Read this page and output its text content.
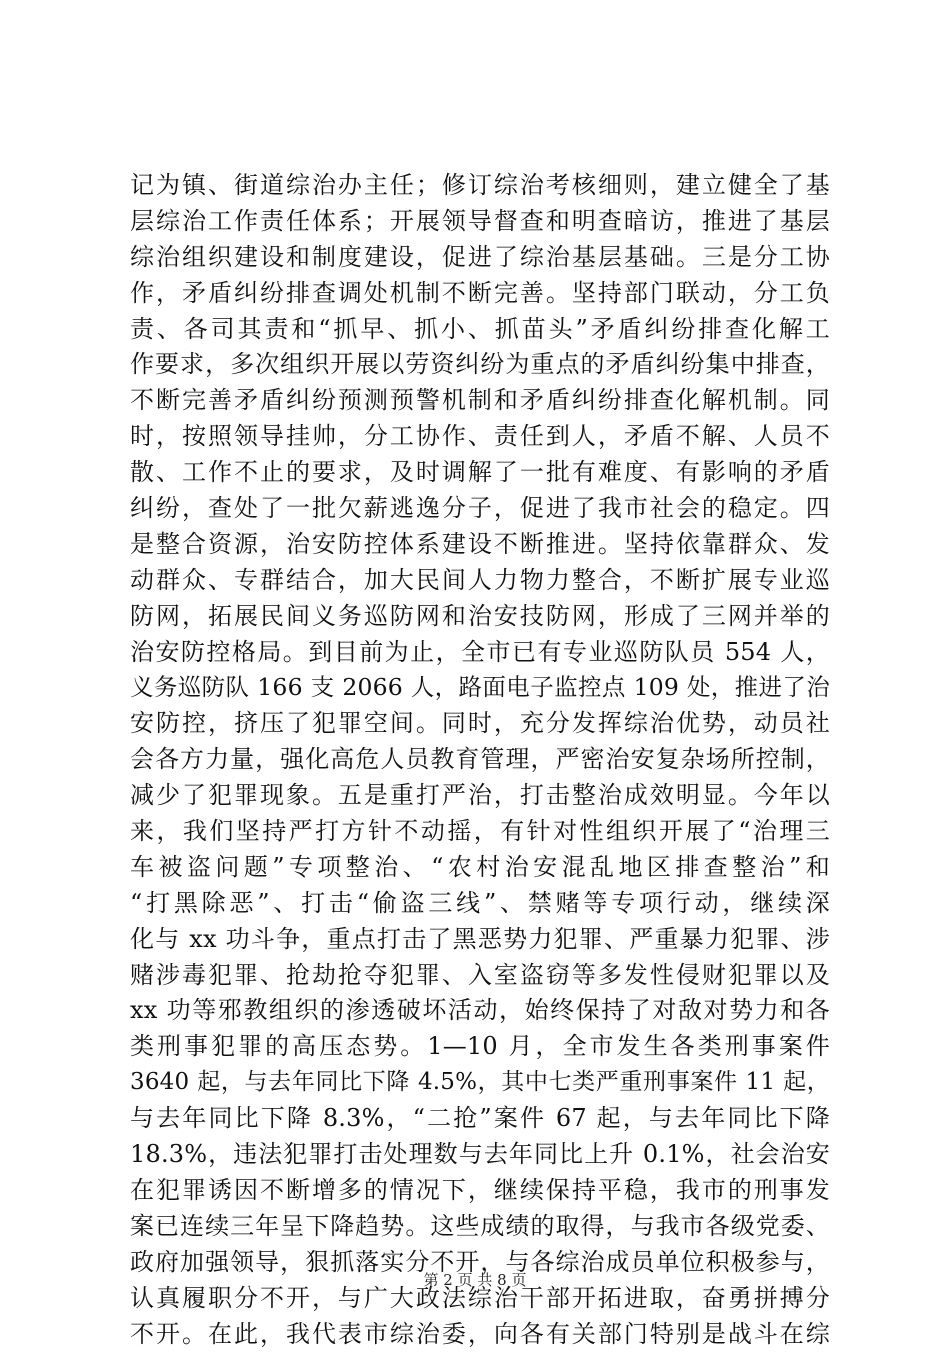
记为镇、街道综治办主任；修订综治考核细则，建立健全了基
层综治工作责任体系；开展领导督查和明查暗访，推进了基层
综治组织建设和制度建设，促进了综治基层基础。三是分工协
作，矛盾纠纷排查调处机制不断完善。坚持部门联动，分工负
责、各司其责和“抓早、抓小、抓苗头”矛盾纠纷排查化解工
作要求，多次组织开展以劳资纠纷为重点的矛盾纠纷集中排查，
不断完善矛盾纠纷预测预警机制和矛盾纠纷排查化解机制。同
时，按照领导挂帅，分工协作、责任到人，矛盾不解、人员不
散、工作不止的要求，及时调解了一批有难度、有影响的矛盾
纠纷，查处了一批欠薪逃逸分子，促进了我市社会的稳定。四
是整合资源，治安防控体系建设不断推进。坚持依靠群众、发
动群众、专群结合，加大民间人力物力整合，不断扩展专业巡
防网，拓展民间义务巡防网和治安技防网，形成了三网并举的
治安防控格局。到目前为止，全市已有专业巡防队员 554 人，
义务巡防队 166 支 2066 人，路面电子监控点 109 处，推进了治
安防控，挤压了犯罪空间。同时，充分发挥综治优势，动员社
会各方力量，强化高危人员教育管理，严密治安复杂场所控制，
减少了犯罪现象。五是重打严治，打击整治成效明显。今年以
来，我们坚持严打方针不动摇，有针对性组织开展了“治理三
车被盗问题”专项整治、“农村治安混乱地区排查整治”和
“打黑除恶”、打击“偷盗三线”、禁赌等专项行动，继续深
化与 xx 功斗争，重点打击了黑恶势力犯罪、严重暴力犯罪、涉
赌涉毒犯罪、抢劫抢夺犯罪、入室盗窃等多发性侵财犯罪以及
xx 功等邪教组织的渗透破坏活动，始终保持了对敌对势力和各
类刑事犯罪的高压态势。1—10 月，全市发生各类刑事案件
3640 起，与去年同比下降 4.5%，其中七类严重刑事案件 11 起，
与去年同比下降 8.3%，“二抢”案件 67 起，与去年同比下降
18.3%，违法犯罪打击处理数与去年同比上升 0.1%，社会治安
在犯罪诱因不断增多的情况下，继续保持平稳，我市的刑事发
案已连续三年呈下降趋势。这些成绩的取得，与我市各级党委、
政府加强领导，狠抓落实分不开，与各综治成员单位积极参与，
认真履职分不开，与广大政法综治干部开拓进取，奋勇拼搏分
不开。在此，我代表市综治委，向各有关部门特别是战斗在综
第 2 页 共 8 页
